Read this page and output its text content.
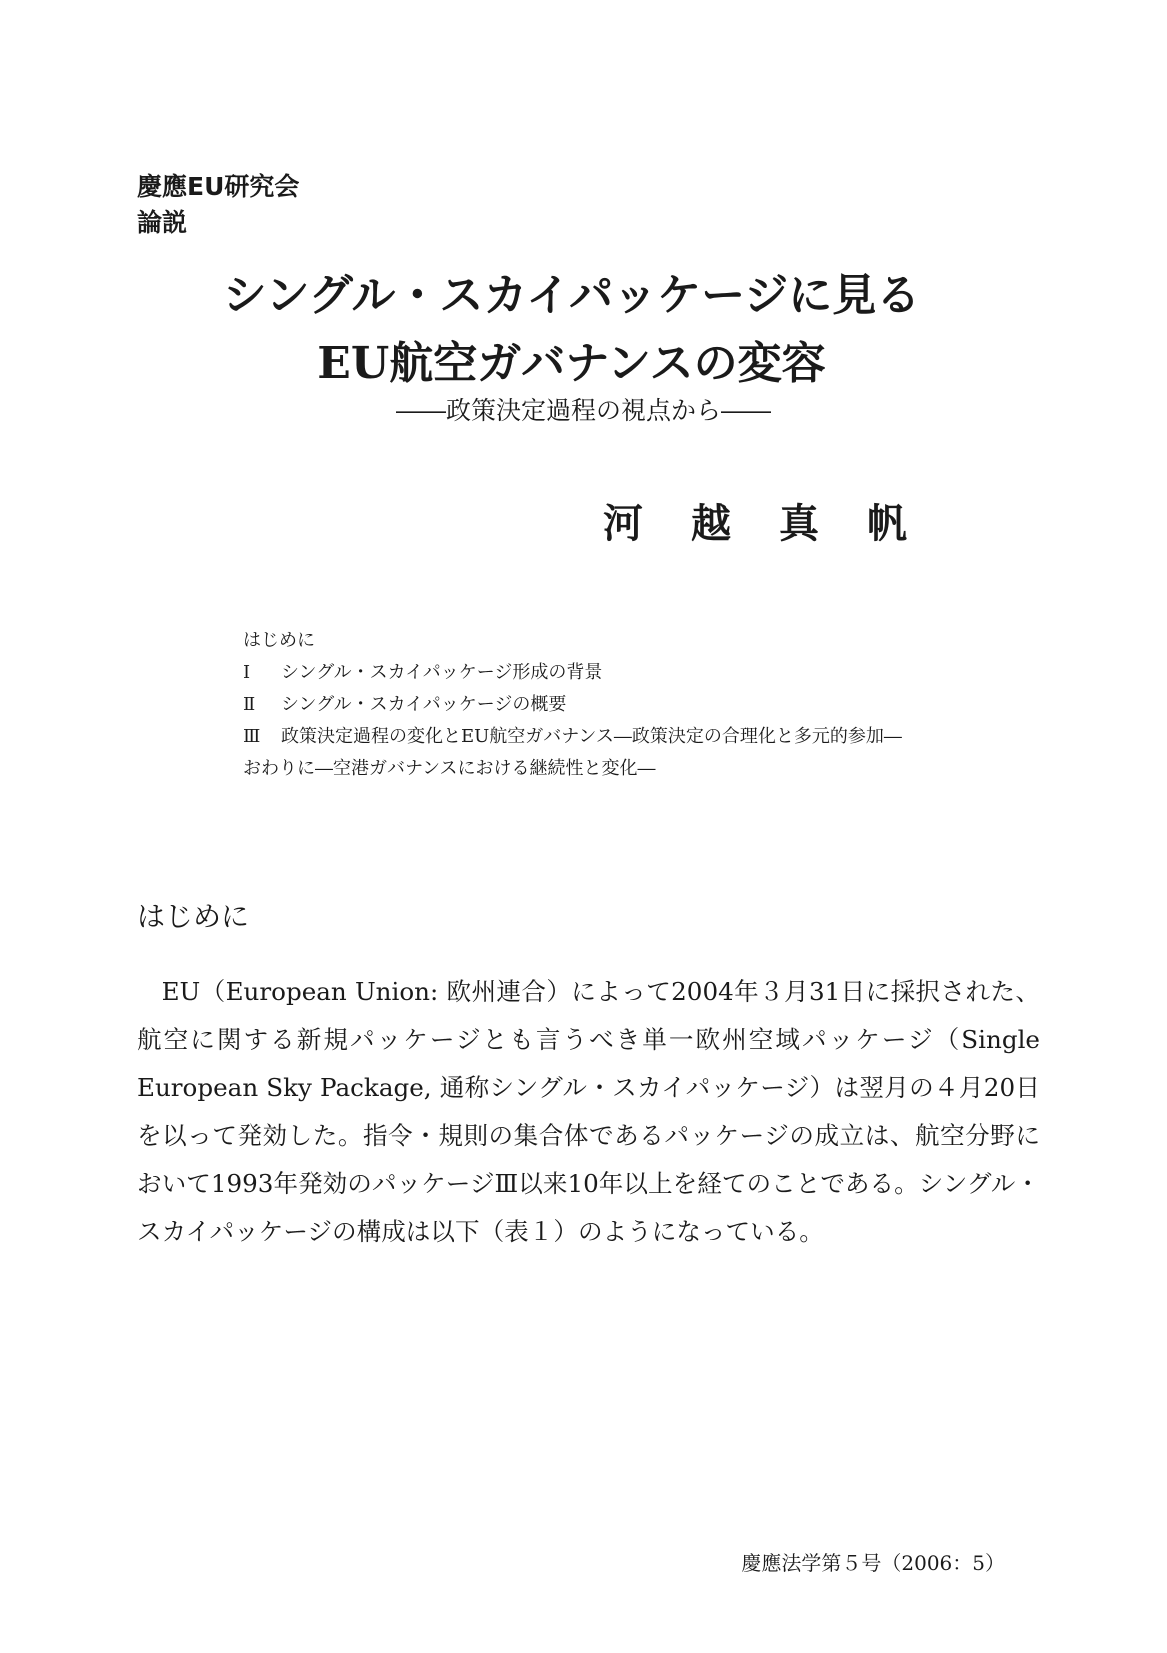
慶應EU研究会
論説
シングル・スカイパッケージに見る
EU航空ガバナンスの変容
――政策決定過程の視点から――
河越真帆
はじめに
Ⅰ	シングル・スカイパッケージ形成の背景
Ⅱ	シングル・スカイパッケージの概要
Ⅲ	政策決定過程の変化とEU航空ガバナンス―政策決定の合理化と多元的参加―
おわりに―空港ガバナンスにおける継続性と変化―
はじめに

EU（European Union: 欧州連合）によって2004年３月31日に採択された、航空に関する新規パッケージとも言うべき単一欧州空域パッケージ（Single European Sky Package, 通称シングル・スカイパッケージ）は翌月の４月20日を以って発効した。指令・規則の集合体であるパッケージの成立は、航空分野において1993年発効のパッケージⅢ以来10年以上を経てのことである。シングル・スカイパッケージの構成は以下（表１）のようになっている。

慶應法学第５号（2006：5）
